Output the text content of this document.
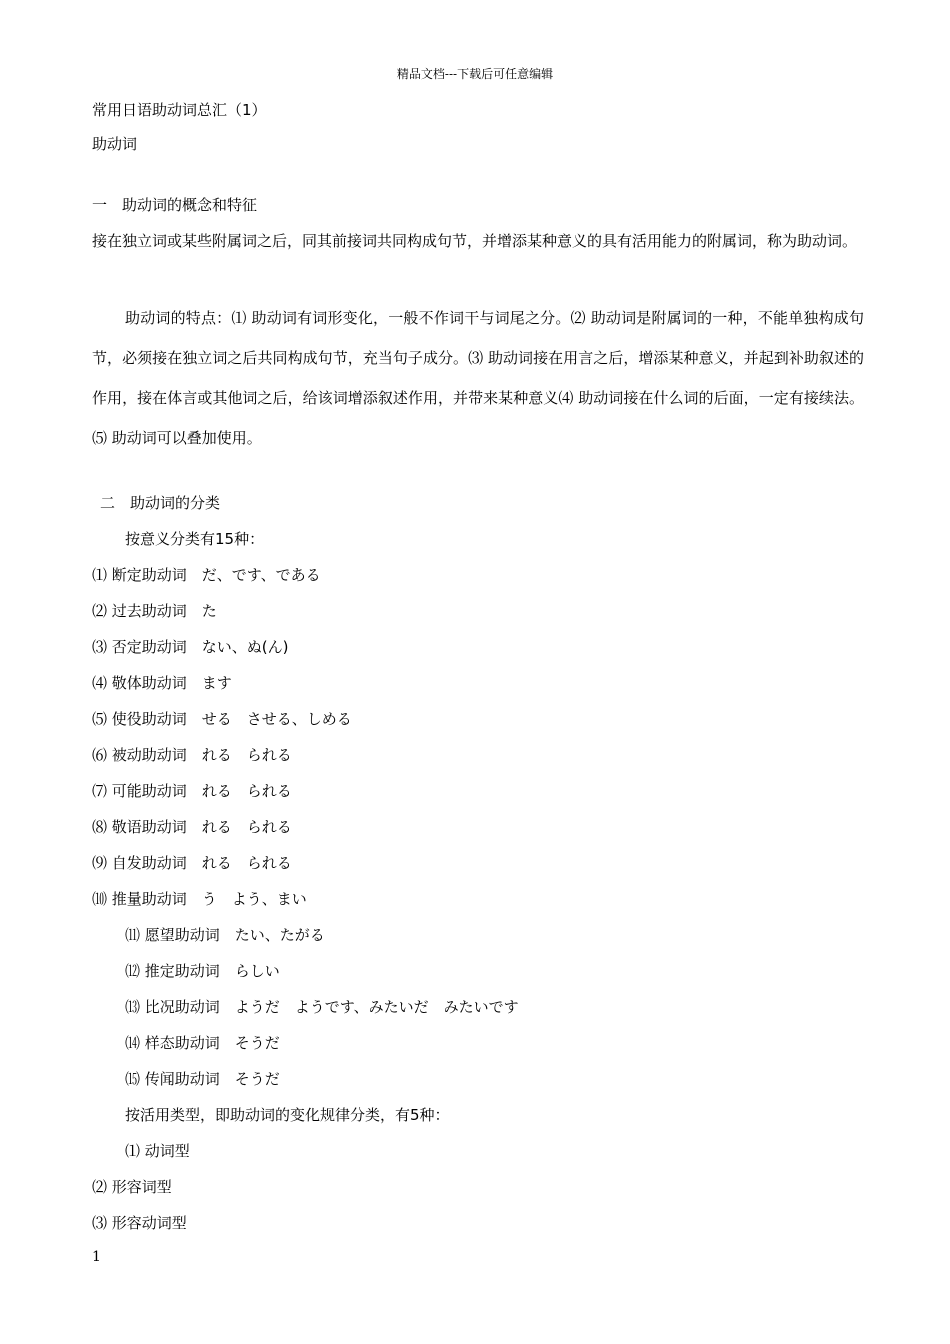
精品文档---下载后可任意编辑
常用日语助动词总汇（1）
助动词
一　助动词的概念和特征
接在独立词或某些附属词之后，同其前接词共同构成句节，并增添某种意义的具有活用能力的附属词，称为助动词。
助动词的特点：⑴ 助动词有词形变化，一般不作词干与词尾之分。⑵ 助动词是附属词的一种，不能单独构成句节，必须接在独立词之后共同构成句节，充当句子成分。⑶ 助动词接在用言之后，增添某种意义，并起到补助叙述的作用，接在体言或其他词之后，给该词增添叙述作用，并带来某种意义⑷ 助动词接在什么词的后面，一定有接续法。⑸ 助动词可以叠加使用。
二　助动词的分类
按意义分类有15种：
⑴ 断定助动词　だ、です、である
⑵ 过去助动词　た
⑶ 否定助动词　ない、ぬ(ん)
⑷ 敬体助动词　ます
⑸ 使役助动词　せる　させる、しめる
⑹ 被动助动词　れる　られる
⑺ 可能助动词　れる　られる
⑻ 敬语助动词　れる　られる
⑼ 自发助动词　れる　られる
⑽ 推量助动词　う　よう、まい
⑾ 愿望助动词　たい、たがる
⑿ 推定助动词　らしい
⒀ 比况助动词　ようだ　ようです、みたいだ　みたいです
⒁ 样态助动词　そうだ
⒂ 传闻助动词　そうだ
按活用类型，即助动词的变化规律分类，有5种：
⑴ 动词型
⑵ 形容词型
⑶ 形容动词型
1
